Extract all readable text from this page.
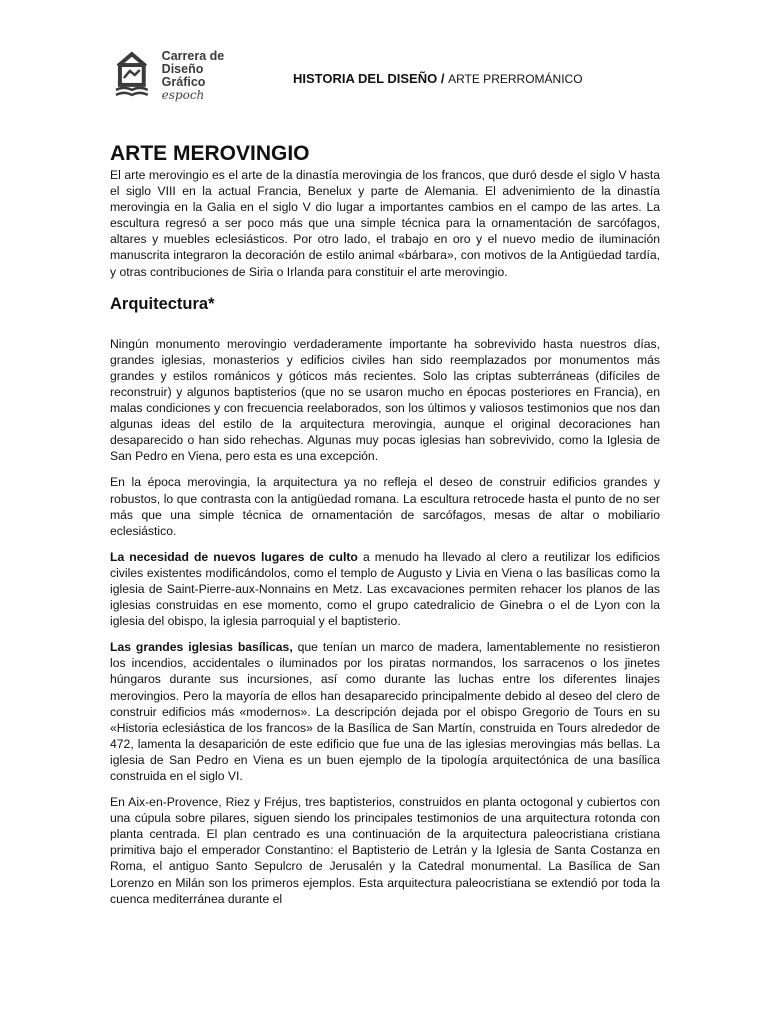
Carrera de
Diseño Gráfico
espoch
HISTORIA DEL DISEÑO / ARTE PRERROMÁNICO
ARTE MEROVINGIO

El arte merovingio es el arte de la dinastía merovingia de los francos, que duró desde el siglo V hasta el siglo VIII en la actual Francia, Benelux y parte de Alemania. El advenimiento de la dinastía merovingia en la Galia en el siglo V dio lugar a importantes cambios en el campo de las artes. La escultura regresó a ser poco más que una simple técnica para la ornamentación de sarcófagos, altares y muebles eclesiásticos. Por otro lado, el trabajo en oro y el nuevo medio de iluminación manuscrita integraron la decoración de estilo animal «bárbara», con motivos de la Antigüedad tardía, y otras contribuciones de Siria o Irlanda para constituir el arte merovingio.

Arquitectura*

Ningún monumento merovingio verdaderamente importante ha sobrevivido hasta nuestros días, grandes iglesias, monasterios y edificios civiles han sido reemplazados por monumentos más grandes y estilos románicos y góticos más recientes. Solo las criptas subterráneas (difíciles de reconstruir) y algunos baptisterios (que no se usaron mucho en épocas posteriores en Francia), en malas condiciones y con frecuencia reelaborados, son los últimos y valiosos testimonios que nos dan algunas ideas del estilo de la arquitectura merovingia, aunque el original decoraciones han desaparecido o han sido rehechas. Algunas muy pocas iglesias han sobrevivido, como la Iglesia de San Pedro en Viena, pero esta es una excepción.

En la época merovingia, la arquitectura ya no refleja el deseo de construir edificios grandes y robustos, lo que contrasta con la antigüedad romana. La escultura retrocede hasta el punto de no ser más que una simple técnica de ornamentación de sarcófagos, mesas de altar o mobiliario eclesiástico.

La necesidad de nuevos lugares de culto a menudo ha llevado al clero a reutilizar los edificios civiles existentes modificándolos, como el templo de Augusto y Livia en Viena o las basílicas como la iglesia de Saint-Pierre-aux-Nonnains en Metz. Las excavaciones permiten rehacer los planos de las iglesias construidas en ese momento, como el grupo catedralicio de Ginebra o el de Lyon con la iglesia del obispo, la iglesia parroquial y el baptisterio.

Las grandes iglesias basílicas, que tenían un marco de madera, lamentablemente no resistieron los incendios, accidentales o iluminados por los piratas normandos, los sarracenos o los jinetes húngaros durante sus incursiones, así como durante las luchas entre los diferentes linajes merovingios. Pero la mayoría de ellos han desaparecido principalmente debido al deseo del clero de construir edificios más «modernos». La descripción dejada por el obispo Gregorio de Tours en su «Historia eclesiástica de los francos» de la Basílica de San Martín, construida en Tours alrededor de 472, lamenta la desaparición de este edificio que fue una de las iglesias merovingias más bellas. La iglesia de San Pedro en Viena es un buen ejemplo de la tipología arquitectónica de una basílica construida en el siglo VI.

En Aix-en-Provence, Riez y Fréjus, tres baptisterios, construidos en planta octogonal y cubiertos con una cúpula sobre pilares, siguen siendo los principales testimonios de una arquitectura rotonda con planta centrada. El plan centrado es una continuación de la arquitectura paleocristiana cristiana primitiva bajo el emperador Constantino: el Baptisterio de Letrán y la Iglesia de Santa Costanza en Roma, el antiguo Santo Sepulcro de Jerusalén y la Catedral monumental. La Basílica de San Lorenzo en Milán son los primeros ejemplos. Esta arquitectura paleocristiana se extendió por toda la cuenca mediterránea durante el
